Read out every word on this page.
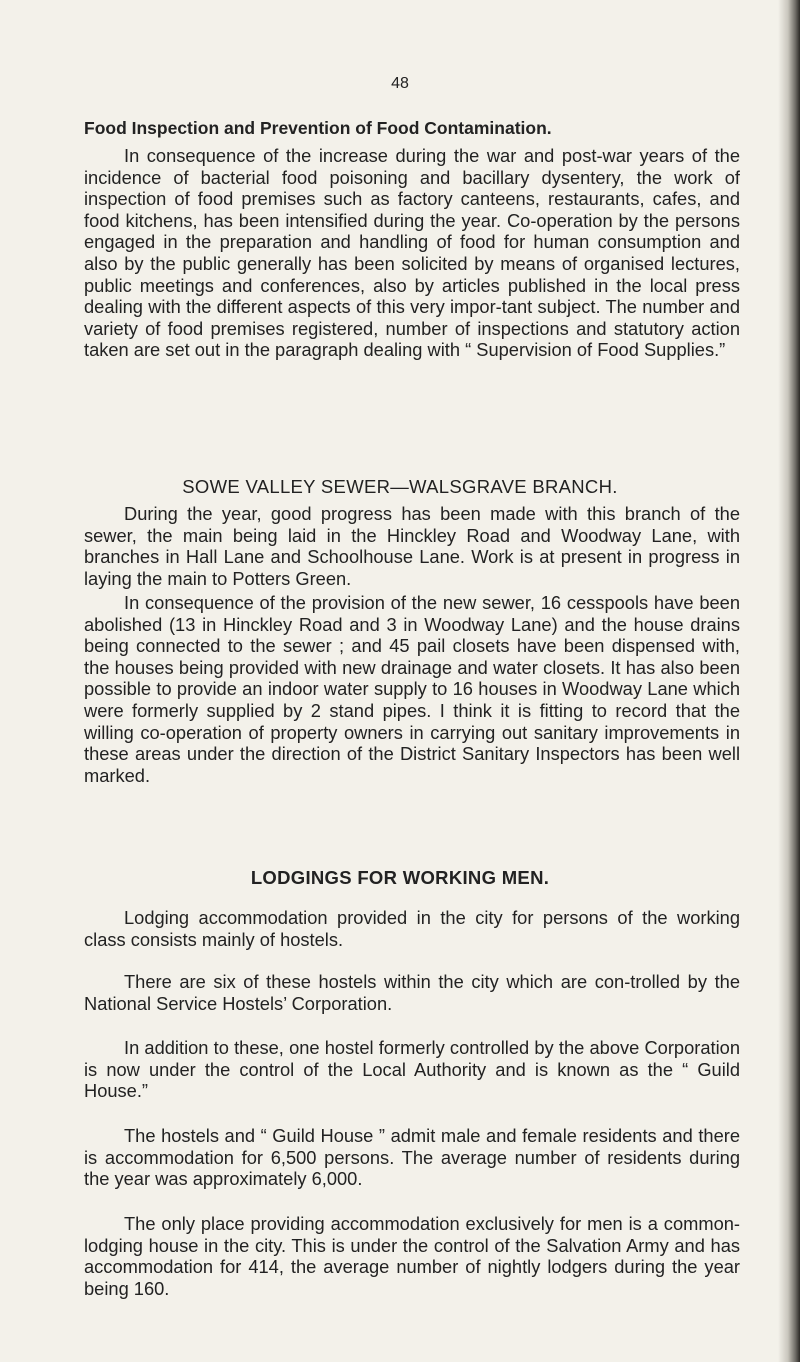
48
Food Inspection and Prevention of Food Contamination.

In consequence of the increase during the war and post-war years of the incidence of bacterial food poisoning and bacillary dysentery, the work of inspection of food premises such as factory canteens, restaurants, cafes, and food kitchens, has been intensified during the year. Co-operation by the persons engaged in the preparation and handling of food for human consumption and also by the public generally has been solicited by means of organised lectures, public meetings and conferences, also by articles published in the local press dealing with the different aspects of this very impor-tant subject. The number and variety of food premises registered, number of inspections and statutory action taken are set out in the paragraph dealing with “ Supervision of Food Supplies.”

SOWE VALLEY SEWER—WALSGRAVE BRANCH.

During the year, good progress has been made with this branch of the sewer, the main being laid in the Hinckley Road and Woodway Lane, with branches in Hall Lane and Schoolhouse Lane. Work is at present in progress in laying the main to Potters Green.

In consequence of the provision of the new sewer, 16 cesspools have been abolished (13 in Hinckley Road and 3 in Woodway Lane) and the house drains being connected to the sewer ; and 45 pail closets have been dispensed with, the houses being provided with new drainage and water closets. It has also been possible to provide an indoor water supply to 16 houses in Woodway Lane which were formerly supplied by 2 stand pipes. I think it is fitting to record that the willing co-operation of property owners in carrying out sanitary improvements in these areas under the direction of the District Sanitary Inspectors has been well marked.

LODGINGS FOR WORKING MEN.

Lodging accommodation provided in the city for persons of the working class consists mainly of hostels.

There are six of these hostels within the city which are con-trolled by the National Service Hostels’ Corporation.

In addition to these, one hostel formerly controlled by the above Corporation is now under the control of the Local Authority and is known as the “ Guild House.”

The hostels and “ Guild House ” admit male and female residents and there is accommodation for 6,500 persons. The average number of residents during the year was approximately 6,000.

The only place providing accommodation exclusively for men is a common-lodging house in the city. This is under the control of the Salvation Army and has accommodation for 414, the average number of nightly lodgers during the year being 160.
